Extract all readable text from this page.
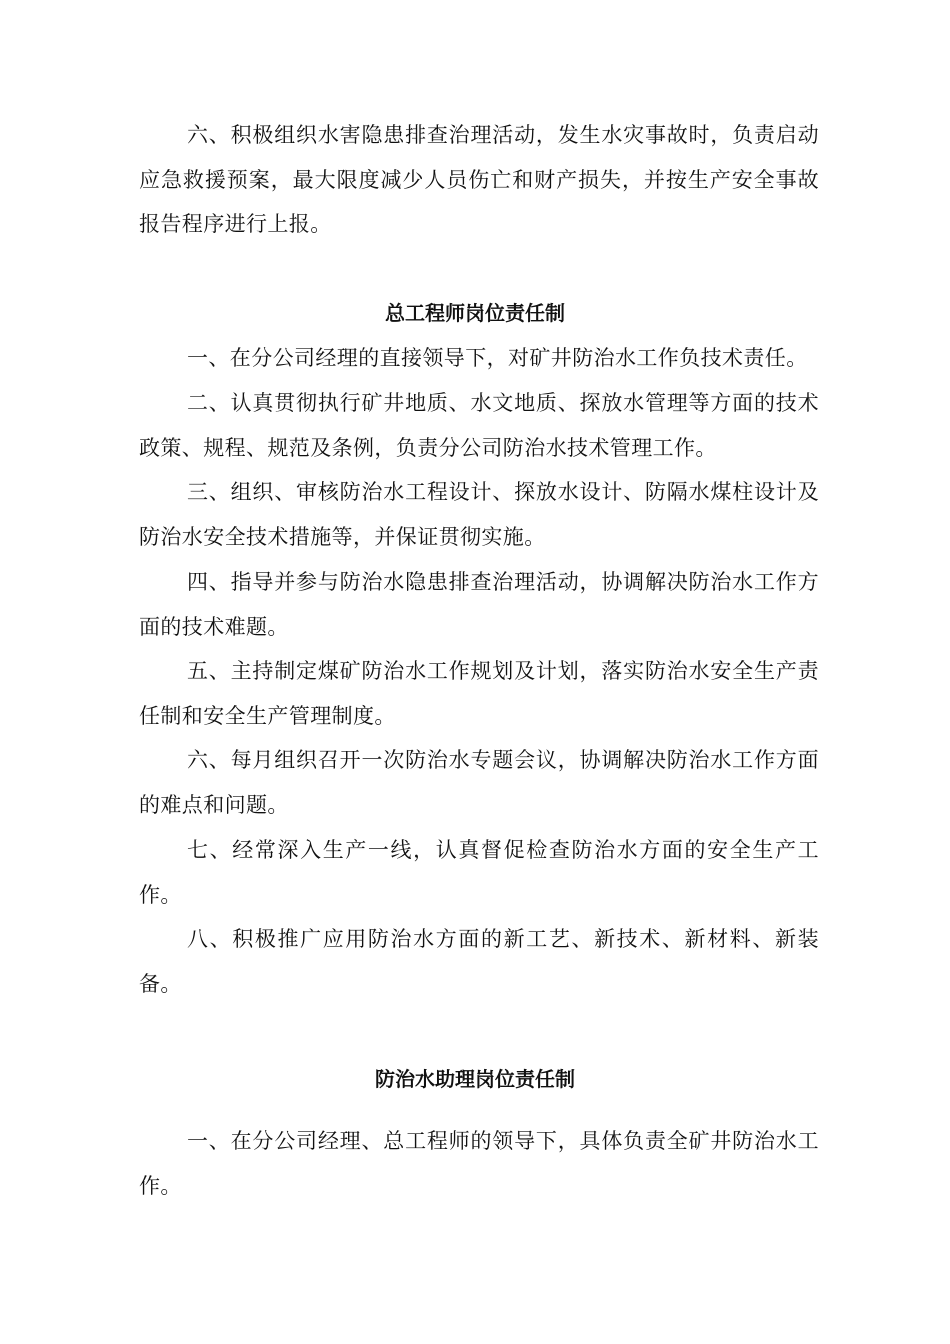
六、积极组织水害隐患排查治理活动，发生水灾事故时，负责启动应急救援预案，最大限度减少人员伤亡和财产损失，并按生产安全事故报告程序进行上报。

总工程师岗位责任制

一、在分公司经理的直接领导下，对矿井防治水工作负技术责任。

二、认真贯彻执行矿井地质、水文地质、探放水管理等方面的技术政策、规程、规范及条例，负责分公司防治水技术管理工作。

三、组织、审核防治水工程设计、探放水设计、防隔水煤柱设计及防治水安全技术措施等，并保证贯彻实施。

四、指导并参与防治水隐患排查治理活动，协调解决防治水工作方面的技术难题。

五、主持制定煤矿防治水工作规划及计划，落实防治水安全生产责任制和安全生产管理制度。

六、每月组织召开一次防治水专题会议，协调解决防治水工作方面的难点和问题。

七、经常深入生产一线，认真督促检查防治水方面的安全生产工作。

八、积极推广应用防治水方面的新工艺、新技术、新材料、新装备。

防治水助理岗位责任制

一、在分公司经理、总工程师的领导下，具体负责全矿井防治水工作。
